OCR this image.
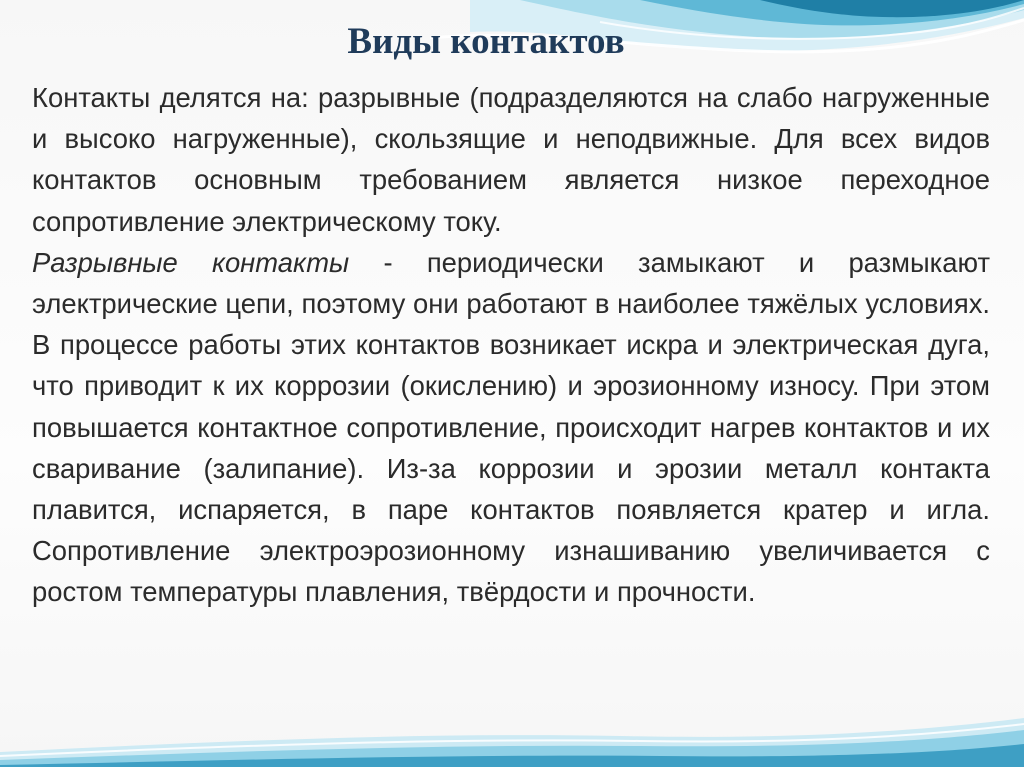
Виды контактов

Контакты делятся на: разрывные (подразделяются на слабо нагруженные и высоко нагруженные), скользящие и неподвижные. Для всех видов контактов основным требованием является низкое переходное сопротивление электрическому току.
Разрывные контакты - периодически замыкают и размыкают электрические цепи, поэтому они работают в наиболее тяжёлых условиях. В процессе работы этих контактов возникает искра и электрическая дуга, что приводит к их коррозии (окислению) и эрозионному износу. При этом повышается контактное сопротивление, происходит нагрев контактов и их сваривание (залипание). Из-за коррозии и эрозии металл контакта плавится, испаряется, в паре контактов появляется кратер и игла. Сопротивление электроэрозионному изнашиванию увеличивается с ростом температуры плавления, твёрдости и прочности.
